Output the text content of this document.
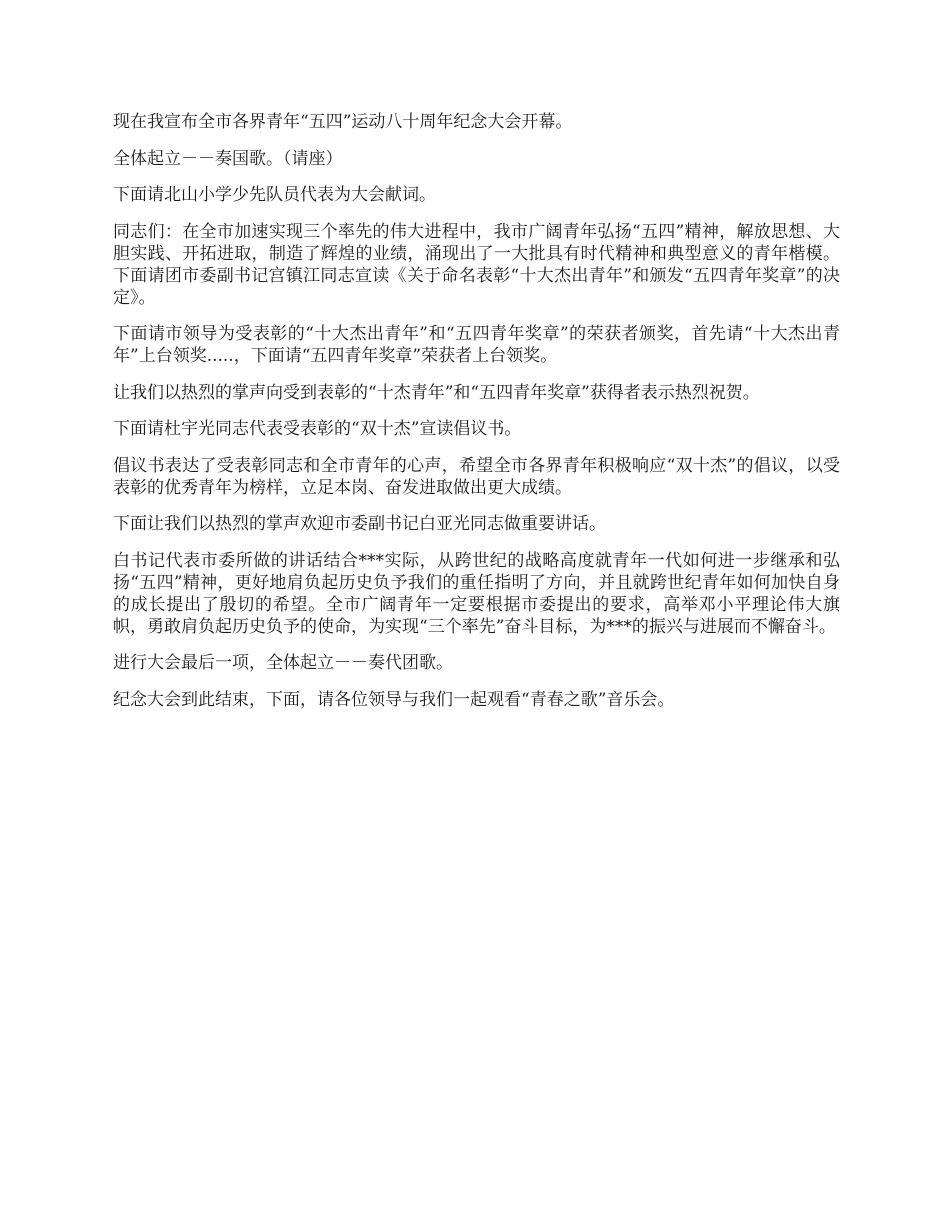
现在我宣布全市各界青年“五四”运动八十周年纪念大会开幕。

全体起立－－奏国歌。（请座）

下面请北山小学少先队员代表为大会献词。

同志们：在全市加速实现三个率先的伟大进程中，我市广阔青年弘扬“五四”精神，解放思想、大胆实践、开拓进取，制造了辉煌的业绩，涌现出了一大批具有时代精神和典型意义的青年楷模。下面请团市委副书记宫镇江同志宣读《关于命名表彰“十大杰出青年”和颁发“五四青年奖章”的决定》。

下面请市领导为受表彰的“十大杰出青年”和“五四青年奖章”的荣获者颁奖，首先请“十大杰出青年”上台领奖.....，下面请“五四青年奖章”荣获者上台领奖。

让我们以热烈的掌声向受到表彰的“十杰青年”和“五四青年奖章”获得者表示热烈祝贺。

下面请杜宇光同志代表受表彰的“双十杰”宣读倡议书。

倡议书表达了受表彰同志和全市青年的心声，希望全市各界青年积极响应“双十杰”的倡议，以受表彰的优秀青年为榜样，立足本岗、奋发进取做出更大成绩。

下面让我们以热烈的掌声欢迎市委副书记白亚光同志做重要讲话。

白书记代表市委所做的讲话结合***实际，从跨世纪的战略高度就青年一代如何进一步继承和弘扬“五四”精神，更好地肩负起历史负予我们的重任指明了方向，并且就跨世纪青年如何加快自身的成长提出了殷切的希望。全市广阔青年一定要根据市委提出的要求，高举邓小平理论伟大旗帜，勇敢肩负起历史负予的使命，为实现“三个率先”奋斗目标，为***的振兴与进展而不懈奋斗。

进行大会最后一项，全体起立－－奏代团歌。

纪念大会到此结束，下面，请各位领导与我们一起观看“青春之歌”音乐会。
